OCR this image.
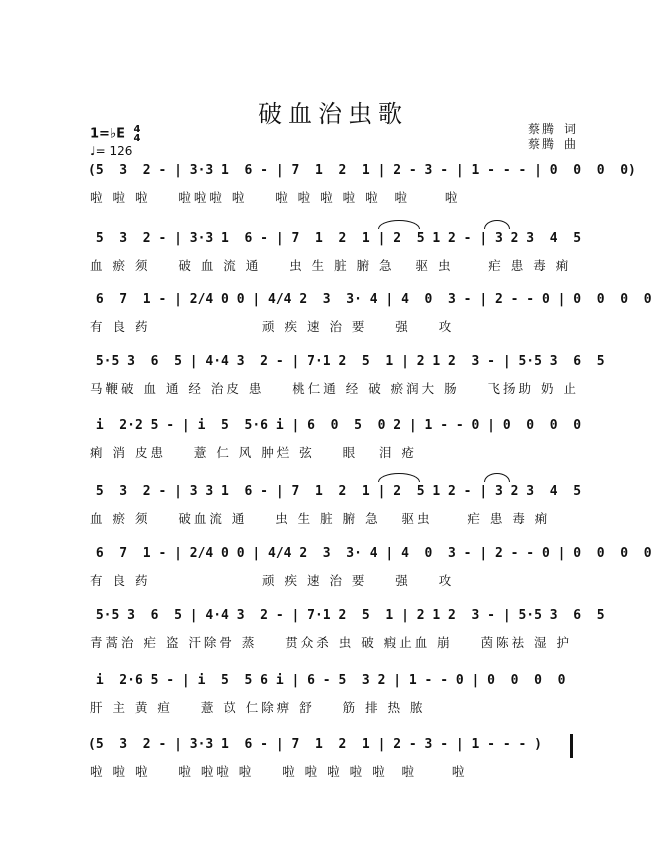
破血治虫歌
1=♭E 4
4
♩= 126
蔡腾 词
蔡腾 曲
(5  3  2 - | 3·3 1  6 - | 7  1  2  1 | 2 - 3 - | 1 - - - | 0  0  0  0)
啦 啦 啦    啦啦啦 啦    啦 啦 啦 啦 啦  啦     啦
5  3  2 - | 3·3 1  6 - | 7  1  2  1 | 2  5 1 2 - | 3 2 3  4  5
血 瘀 须    破 血 流 通    虫 生 脏 腑 急   驱 虫     疟 患 毒 痢
6  7  1 - | 2/4 0 0 | 4/4 2  3  3· 4 | 4  0  3 - | 2 - - 0 | 0  0  0  0
有 良 药                顽 疾 速 治 要    强    攻
5·5 3  6  5 | 4·4 3  2 - | 7·1 2  5  1 | 2 1 2  3 - | 5·5 3  6  5
马鞭破 血 通 经 治皮 患    桃仁通 经 破 瘀润大 肠    飞扬助 奶 止
i  2·2 5 - | i  5  5·6 i | 6  0  5  0 2 | 1 - - 0 | 0  0  0  0
痢 消 皮患    薏 仁 风 肿烂 弦    眼   泪 疮
5  3  2 - | 3 3 1  6 - | 7  1  2  1 | 2  5 1 2 - | 3 2 3  4  5
血 瘀 须    破血流 通    虫 生 脏 腑 急   驱虫     疟 患 毒 痢
6  7  1 - | 2/4 0 0 | 4/4 2  3  3· 4 | 4  0  3 - | 2 - - 0 | 0  0  0  0
有 良 药                顽 疾 速 治 要    强    攻
5·5 3  6  5 | 4·4 3  2 - | 7·1 2  5  1 | 2 1 2  3 - | 5·5 3  6  5
青蒿治 疟 盗 汗除骨 蒸    贯众杀 虫 破 瘕止血 崩    茵陈祛 湿 护
i  2·6 5 - | i  5  5 6 i | 6 - 5  3 2 | 1 - - 0 | 0  0  0  0
肝 主 黄 疸    薏 苡 仁除痹 舒    筋 排 热 脓
(5  3  2 - | 3·3 1  6 - | 7  1  2  1 | 2 - 3 - | 1 - - - )
啦 啦 啦    啦 啦啦 啦    啦 啦 啦 啦 啦  啦     啦
